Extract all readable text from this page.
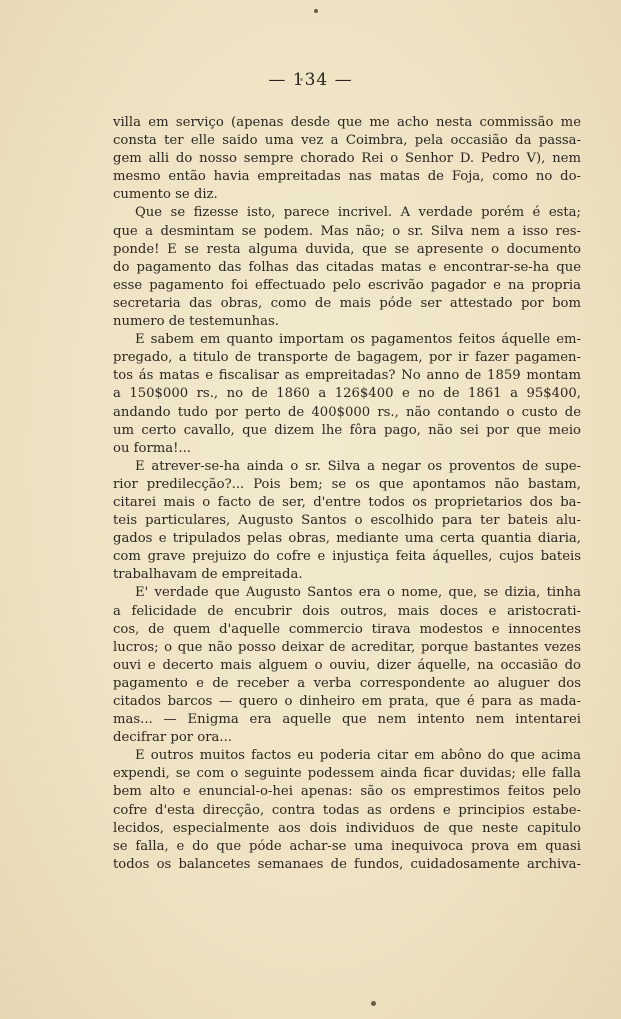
— 134 —
villa em serviço (apenas desde que me acho nesta commissão me
consta ter elle saido uma vez a Coimbra, pela occasião da passa-
gem alli do nosso sempre chorado Rei o Senhor D. Pedro V), nem
mesmo então havia empreitadas nas matas de Foja, como no do-
cumento se diz.
Que se fizesse isto, parece incrivel. A verdade porém é esta;
que a desmintam se podem. Mas não; o sr. Silva nem a isso res-
ponde! E se resta alguma duvida, que se apresente o documento
do pagamento das folhas das citadas matas e encontrar-se-ha que
esse pagamento foi effectuado pelo escrivão pagador e na propria
secretaria das obras, como de mais póde ser attestado por bom
numero de testemunhas.
E sabem em quanto importam os pagamentos feitos áquelle em-
pregado, a titulo de transporte de bagagem, por ir fazer pagamen-
tos ás matas e fiscalisar as empreitadas? No anno de 1859 montam
a 150$000 rs., no de 1860 a 126$400 e no de 1861 a 95$400,
andando tudo por perto de 400$000 rs., não contando o custo de
um certo cavallo, que dizem lhe fôra pago, não sei por que meio
ou forma!...
E atrever-se-ha ainda o sr. Silva a negar os proventos de supe-
rior predilecção?... Pois bem; se os que apontamos não bastam,
citarei mais o facto de ser, d'entre todos os proprietarios dos ba-
teis particulares, Augusto Santos o escolhido para ter bateis alu-
gados e tripulados pelas obras, mediante uma certa quantia diaria,
com grave prejuizo do cofre e injustiça feita áquelles, cujos bateis
trabalhavam de empreitada.
E' verdade que Augusto Santos era o nome, que, se dizia, tinha
a felicidade de encubrir dois outros, mais doces e aristocrati-
cos, de quem d'aquelle commercio tirava modestos e innocentes
lucros; o que não posso deixar de acreditar, porque bastantes vezes
ouvi e decerto mais alguem o ouviu, dizer áquelle, na occasião do
pagamento e de receber a verba correspondente ao aluguer dos
citados barcos — quero o dinheiro em prata, que é para as mada-
mas... — Enigma era aquelle que nem intento nem intentarei
decifrar por ora...
E outros muitos factos eu poderia citar em abôno do que acima
expendi, se com o seguinte podessem ainda ficar duvidas; elle falla
bem alto e enuncial-o-hei apenas: são os emprestimos feitos pelo
cofre d'esta direcção, contra todas as ordens e principios estabe-
lecidos, especialmente aos dois individuos de que neste capitulo
se falla, e do que póde achar-se uma inequivoca prova em quasi
todos os balancetes semanaes de fundos, cuidadosamente archiva-
